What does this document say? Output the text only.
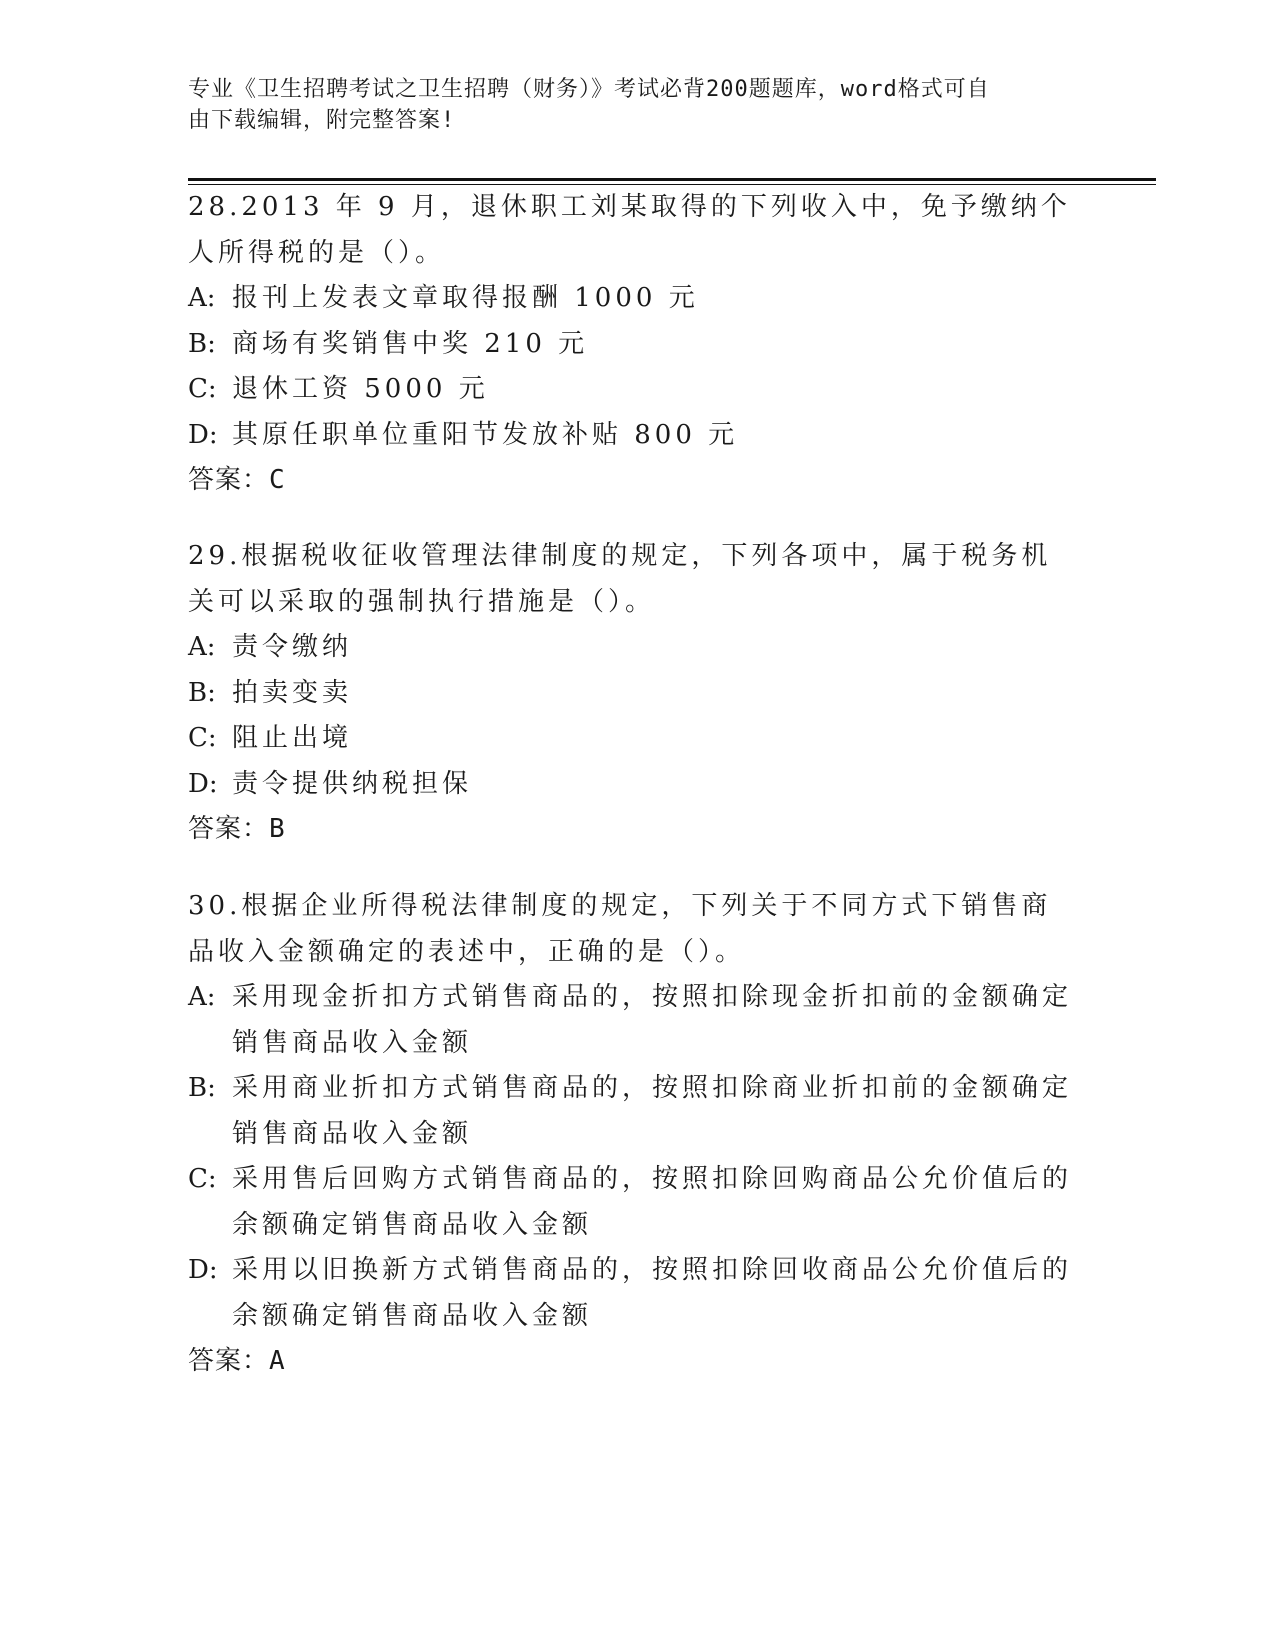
专业《卫生招聘考试之卫生招聘（财务）》考试必背200题题库，word格式可自
由下载编辑，附完整答案!

28.2013 年 9 月，退休职工刘某取得的下列收入中，免予缴纳个人所得税的是（）。

A: 报刊上发表文章取得报酬 1000 元
B: 商场有奖销售中奖 210 元
C: 退休工资 5000 元
D: 其原任职单位重阳节发放补贴 800 元

答案：C

29.根据税收征收管理法律制度的规定，下列各项中，属于税务机关可以采取的强制执行措施是（）。

A: 责令缴纳
B: 拍卖变卖
C: 阻止出境
D: 责令提供纳税担保

答案：B

30.根据企业所得税法律制度的规定，下列关于不同方式下销售商品收入金额确定的表述中，正确的是（）。

A: 采用现金折扣方式销售商品的，按照扣除现金折扣前的金额确定销售商品收入金额
B: 采用商业折扣方式销售商品的，按照扣除商业折扣前的金额确定销售商品收入金额
C: 采用售后回购方式销售商品的，按照扣除回购商品公允价值后的余额确定销售商品收入金额
D: 采用以旧换新方式销售商品的，按照扣除回收商品公允价值后的余额确定销售商品收入金额

答案：A
